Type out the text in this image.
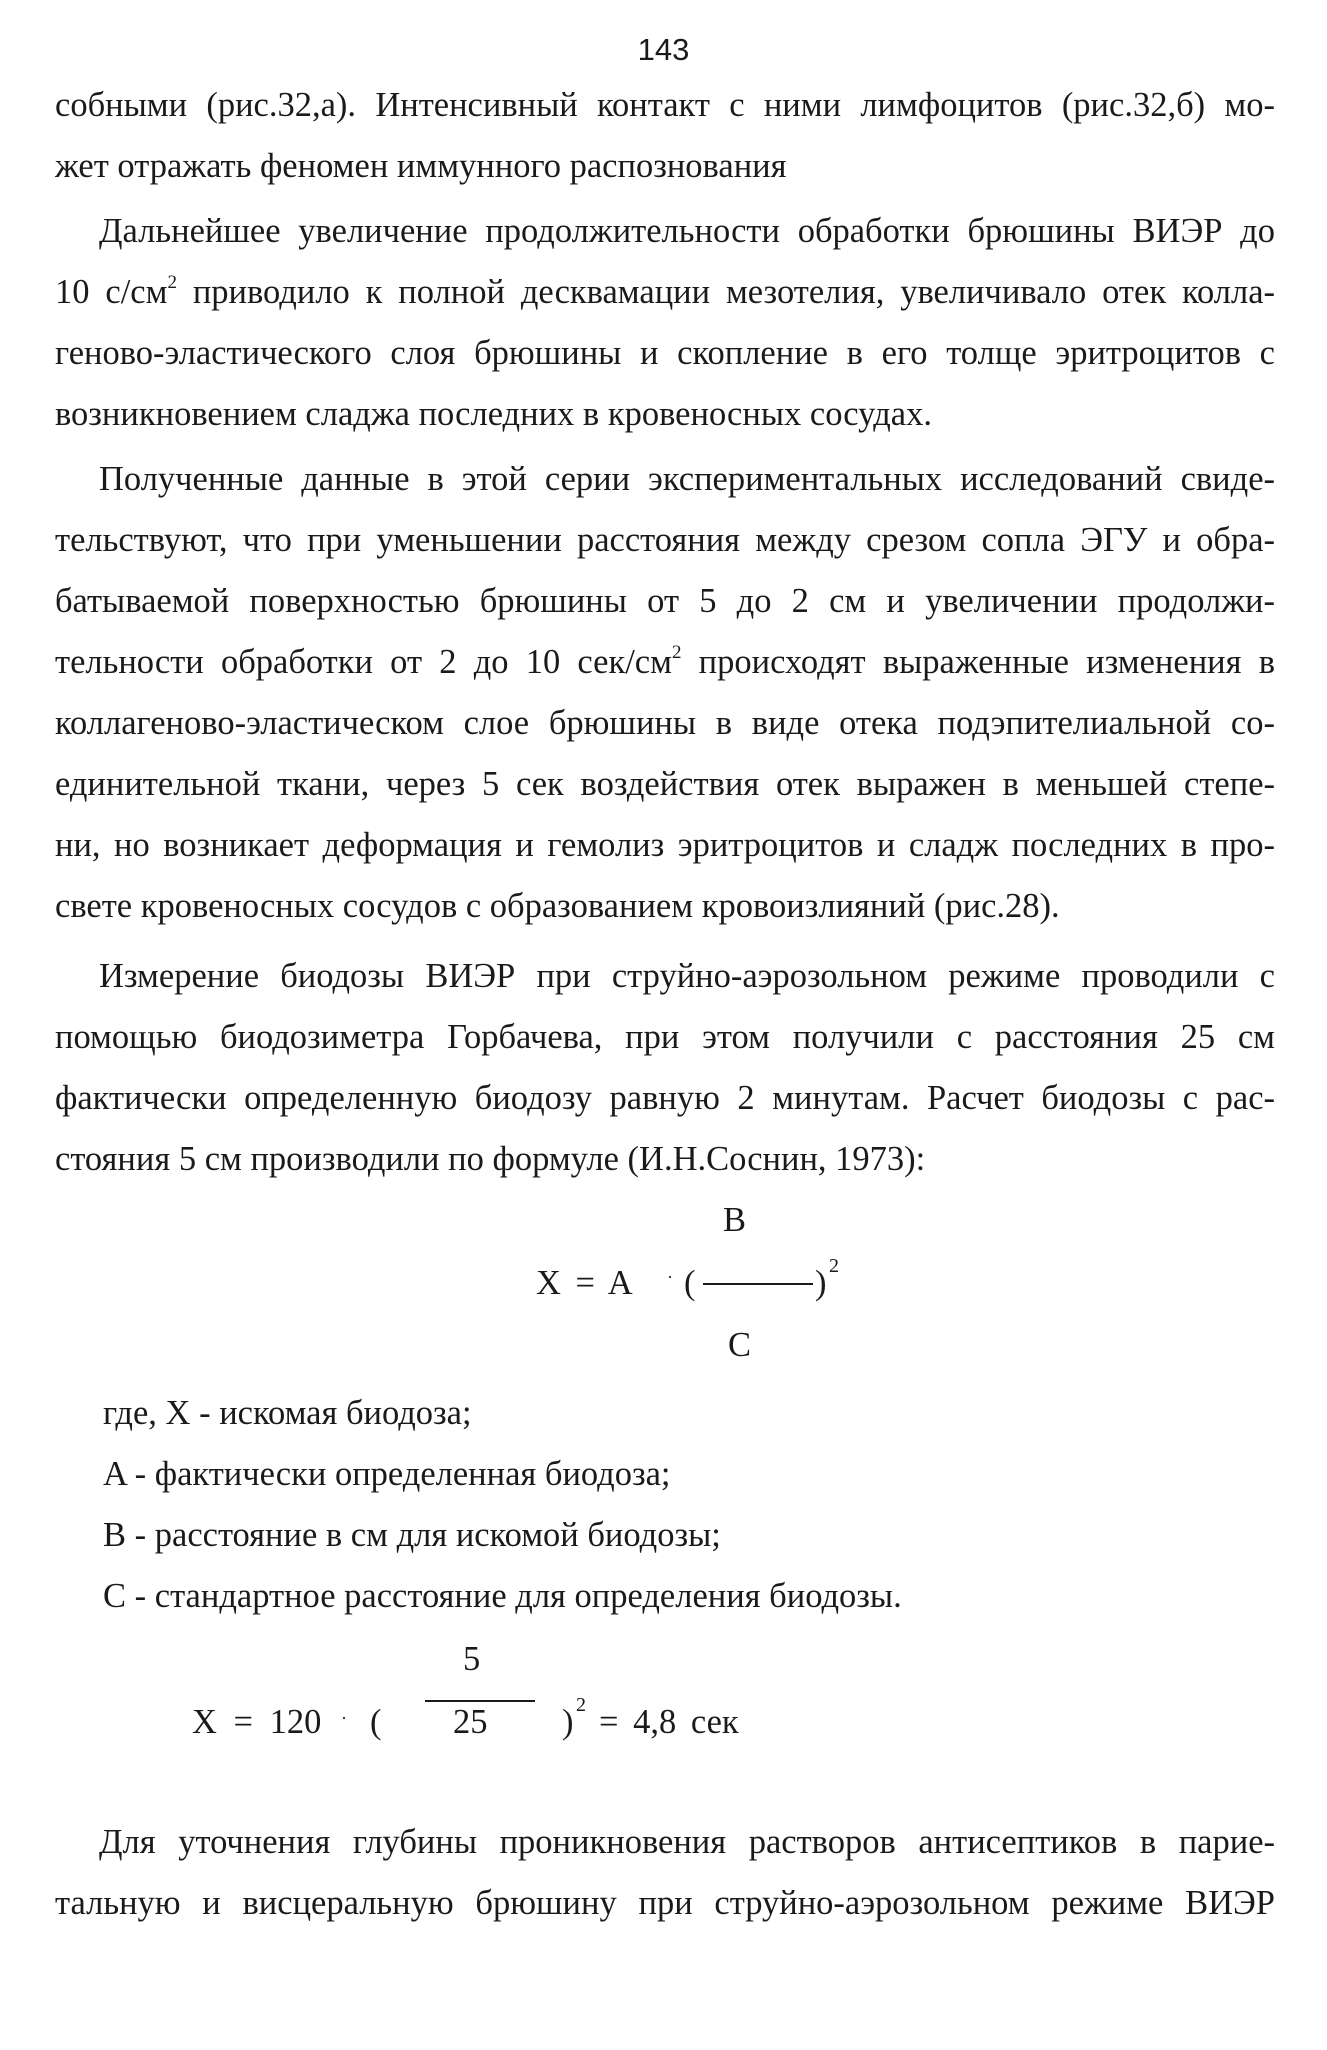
143
собными (рис.32,а). Интенсивный контакт с ними лимфоцитов (рис.32,б) мо-
жет отражать феномен иммунного распознования
Дальнейшее увеличение продолжительности обработки брюшины ВИЭР до
10 $с/см^2$ приводило к полной десквамации мезотелия, увеличивало отек колла-
геново-эластического слоя брюшины и скопление в его толще эритроцитов с
возникновением сладжа последних в кровеносных сосудах.
Полученные данные в этой серии экспериментальных исследований свиде-
тельствуют, что при уменьшении расстояния между срезом сопла ЭГУ и обра-
батываемой поверхностью брюшины от 5 до 2 см и увеличении продолжи-
тельности обработки от 2 до 10 сек/$см^2$ происходят выраженные изменения в
коллагеново-эластическом слое брюшины в виде отека подэпителиальной со-
единительной ткани, через 5 сек воздействия отек выражен в меньшей степе-
ни, но возникает деформация и гемолиз эритроцитов и сладж последних в про-
свете кровеносных сосудов с образованием кровоизлияний (рис.28).
Измерение биодозы ВИЭР при струйно-аэрозольном режиме проводили с
помощью биодозиметра Горбачева, при этом получили с расстояния 25 см
фактически определенную биодозу равную 2 минутам. Расчет биодозы с рас-
стояния 5 см производили по формуле (И.Н.Соснин, 1973):
B
X = A · (	) 2
C
где, X - искомая биодоза;
A - фактически определенная биодоза;
B - расстояние в см для искомой биодозы;
C - стандартное расстояние для определения биодозы.
5
X = 120 · ( 25 ) 2 = 4,8 сек
Для уточнения глубины проникновения растворов антисептиков в парие-
тальную и висцеральную брюшину при струйно-аэрозольном режиме ВИЭР
